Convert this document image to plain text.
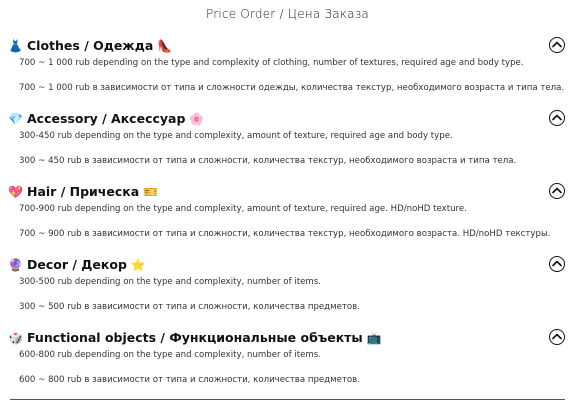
Price Order / Цена Заказа
👗 Clothes / Одежда 👠
700 ~ 1 000 rub depending on the type and complexity of clothing, number of textures, required age and body type.
700 ~ 1 000 rub в зависимости от типа и сложности одежды, количества текстур, необходимого возраста и типа тела.
💎 Accessory / Аксессуар 🌸
300-450 rub depending on the type and complexity, amount of texture, required age and body type.
300 ~ 450 rub в зависимости от типа и сложности, количества текстур, необходимого возраста и типа тела.
💖 Hair / Прическа 🎫
700-900 rub depending on the type and complexity, amount of texture, required age. HD/noHD texture.
700 ~ 900 rub в зависимости от типа и сложности, количества текстур, необходимого возраста. HD/noHD текстуры.
🔮 Decor / Декор ⭐
300-500 rub depending on the type and complexity, number of items.
300 ~ 500 rub в зависимости от типа и сложности, количества предметов.
🎲 Functional objects / Функциональные объекты 📺
600-800 rub depending on the type and complexity, number of items.
600 ~ 800 rub в зависимости от типа и сложности, количества предметов.
